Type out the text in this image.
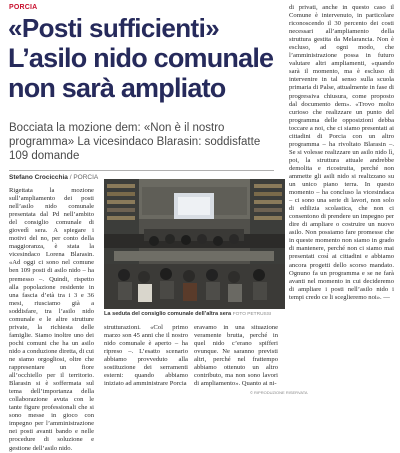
PORCIA
«Posti sufficienti»
L’asilo nido comunale
non sarà ampliato
Bocciata la mozione dem: «Non è il nostro programma» La vicesindaco Blarasin: soddisfatte 109 domande
Stefano Crocicchia / PORCIA
Rigettata la mozione sull’ampliamento dei posti nell’asilo nido comunale presentata dal Pd nell’ambito del consiglio comunale di giovedì sera. A spiegare i motivi del no, per conto della maggioranza, è stata la vicesindaco Lorena Blarasin. «Ad oggi ci sono nel comune ben 109 posti di asilo nido – ha premesso –. Quindi, rispetto alla popolazione residente in una fascia d’età tra i 3 e 36 mesi, riusciamo già a soddisfare, tra l’asilo nido comunale e le altre strutture private, la richiesta delle famiglie. Siamo inoltre uno dei pochi comuni che ha un asilo nido a conduzione diretta, di cui ne siamo orgogliosi, oltre che rappresentare un fiore all’occhiello per il territorio. Blarasin si è soffermata sul tema dell’importanza della collaborazione avuta con le tante figure professionali che si sono messe in gioco con impegno per l’amministrazione nei posti avanti bando e nelle procedure di soluzione e gestione dell’asilo nido.
La seduta del consiglio comunale dell’altra sera FOTO PETRUSSI
strutturazioni. «Col primo marzo son 45 anni che il nostro nido comunale è aperto – ha ripreso –. L’esatto scenario abbiamo provveduto alla sostituzione dei serramenti esterni: quando abbiamo iniziato ad amministrare Porcia
eravamo in una situazione veramente brutta, perché in quel nido c’erano spifferi ovunque. Ne saranno previsti altri, perché nel frattempo abbiamo ottenuto un altro contributo, ma non sono lavori di ampliamento». Quanto ai ni-
di privati, anche in questo caso il Comune è intervenuto, in particolare riconoscendo il 30 percento dei costi necessari all’ampliamento della struttura gestita da Melarancia. Non è escluso, ad ogni modo, che l’amministrazione possa in futuro valutare altri ampliamenti, «quando sarà il momento, ma è escluso di intervenire in tal senso sulla scuola primaria di Palse, attualmente in fase di progressiva chiusura, come proposto dal documento dem». «Trovo molto curioso che realizzare un punto del programma delle opposizioni debba toccare a noi, che ci siamo presentati ai cittadini di Porcia con un altro programma – ha rivoltato Blarasin –. Se si volesse realizzare un asilo nido lì, poi, la struttura attuale andrebbe demolita e ricostruita, perché non ammette gli asili nido si realizzano su un unico piano terra. In questo momento – ha concluso la vicesindaca – ci sono una serie di lavori, non solo di edilizia scolastica, che non ci consentono di prendere un impegno per dire di ampliare o costruire un nuovo asilo. Non possiamo fare promesse che in queste momento non siamo in grado di mantenere, perché non ci siamo mai presentati così ai cittadini e abbiamo ancora progetti dello scorso mandato. Ognuno fa un programma e se ne farà avanti nel momento in cui decideremo di ampliare i posti nell’asilo nido i tempi credo ce li sceglieremo noi». —
© RIPRODUZIONE RISERVATA
